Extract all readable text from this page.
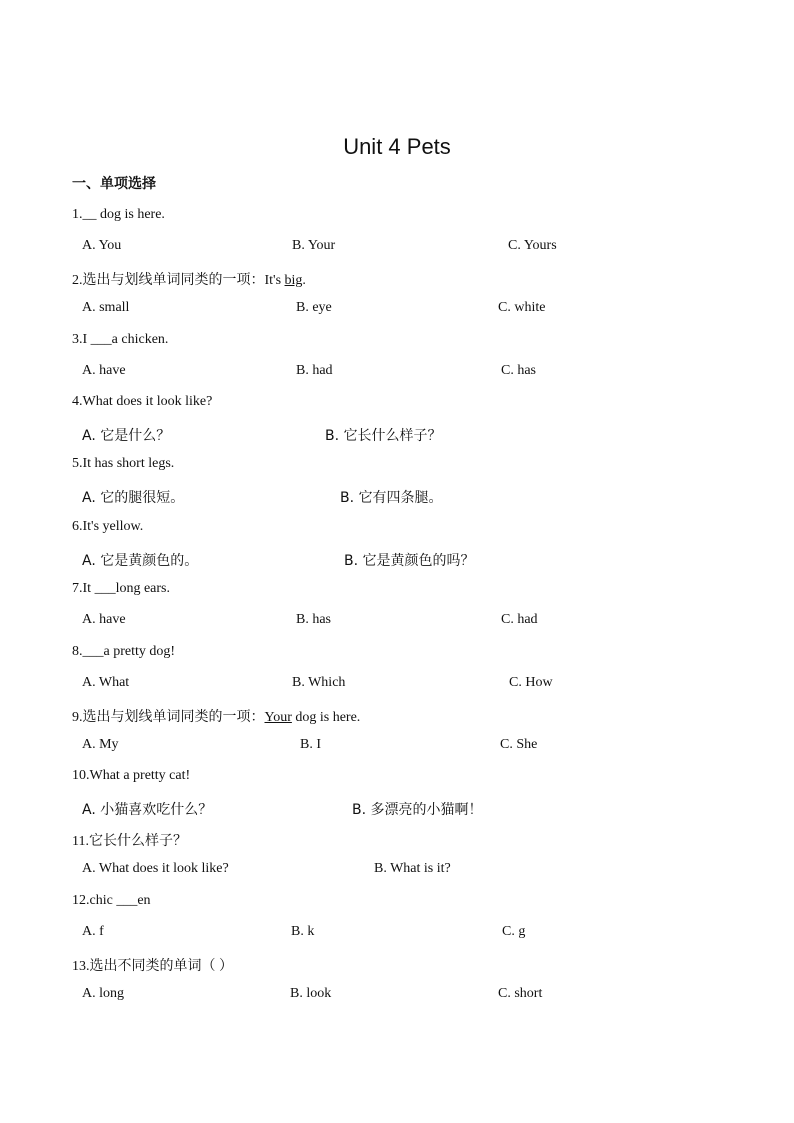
Unit 4 Pets
一、单项选择
1.__ dog is here.
A. You	B. Your	C. Yours
2.选出与划线单词同类的一项：It's big.
A. small	B. eye	C. white
3.I ___a chicken.
A. have	B. had	C. has
4.What does it look like?
A. 它是什么？	B. 它长什么样子？
5.It has short legs.
A. 它的腿很短。	B. 它有四条腿。
6.It's yellow.
A. 它是黄颜色的。	B. 它是黄颜色的吗？
7.It ___long ears.
A. have	B. has	C. had
8.___a pretty dog!
A. What	B. Which	C. How
9.选出与划线单词同类的一项：Your dog is here.
A. My	B. I	C. She
10.What a pretty cat!
A. 小猫喜欢吃什么？	B. 多漂亮的小猫啊！
11.它长什么样子？
A. What does it look like?	B. What is it?
12.chic ___en
A. f	B. k	C. g
13.选出不同类的单词（ ）
A. long	B. look	C. short
